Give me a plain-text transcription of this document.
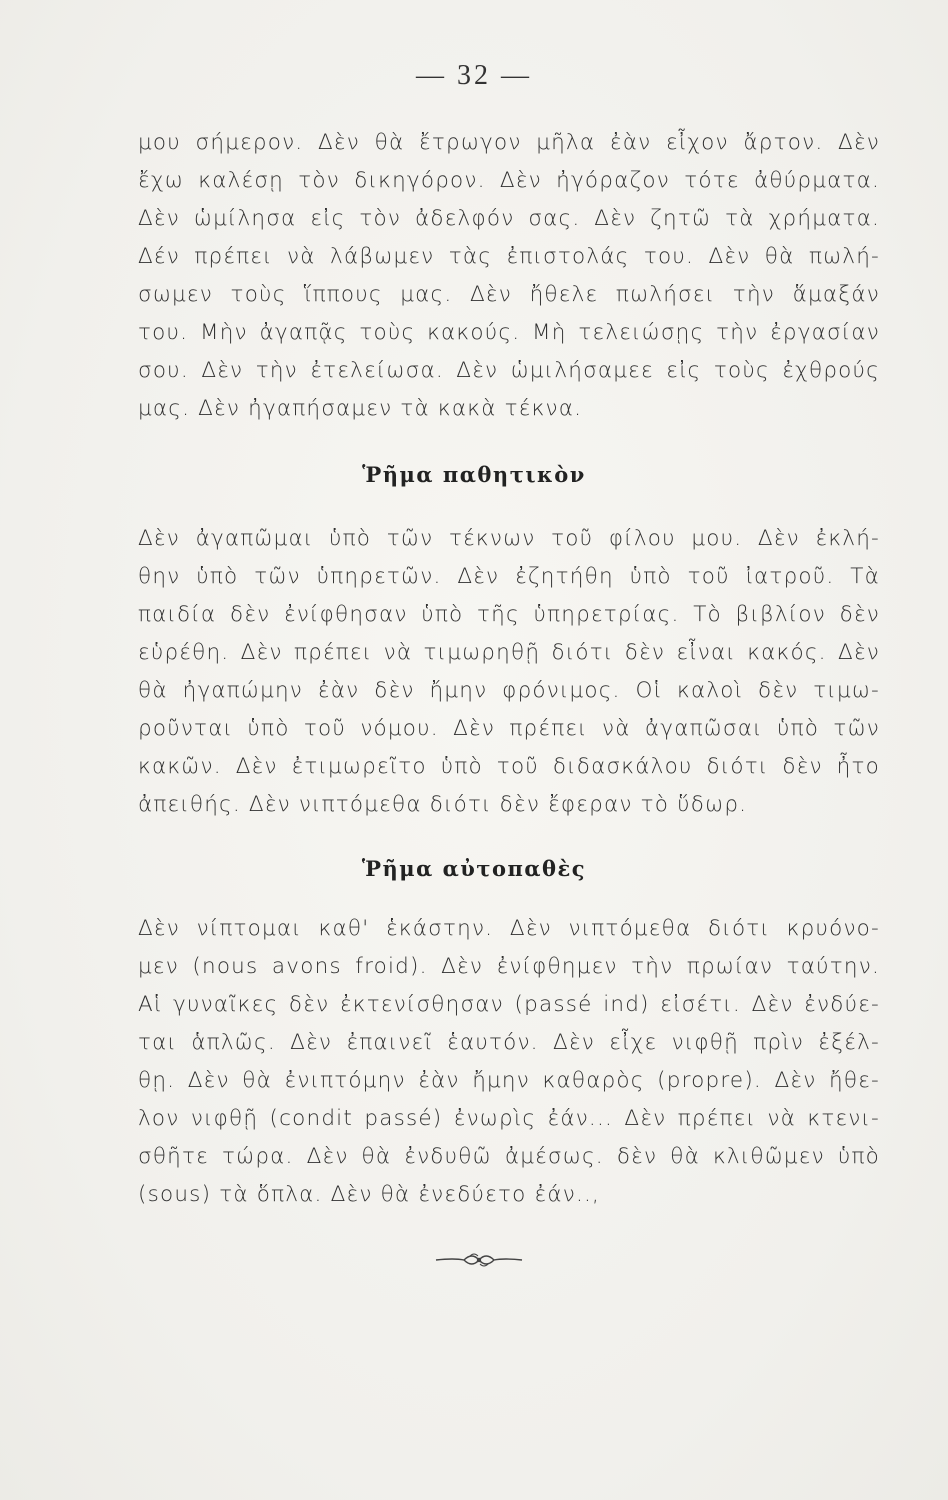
— 32 —
μου σήμερον. Δὲν θὰ ἔτρωγον μῆλα ἐὰν εἶχον ἄρτον. Δὲν
ἔχω καλέσῃ τὸν δικηγόρον. Δὲν ἠγόραζον τότε ἀθύρματα.
Δὲν ὡμίλησα εἰς τὸν ἀδελφόν σας. Δὲν ζητῶ τὰ χρήματα.
Δέν πρέπει νὰ λάβωμεν τὰς ἐπιστολάς του. Δὲν θὰ πωλή-
σωμεν τοὺς ἵππους μας. Δὲν ἤθελε πωλήσει τὴν ἅμαξάν
του. Μὴν ἀγαπᾷς τοὺς κακούς. Μὴ τελειώσῃς τὴν ἐργασίαν
σου. Δὲν τὴν ἐτελείωσα. Δὲν ὡμιλήσαμεε εἰς τοὺς ἐχθρούς
μας. Δὲν ἠγαπήσαμεν τὰ κακὰ τέκνα.
Ῥῆμα παθητικὸν
Δὲν ἀγαπῶμαι ὑπὸ τῶν τέκνων τοῦ φίλου μου. Δὲν ἐκλή-
θην ὑπὸ τῶν ὑπηρετῶν. Δὲν ἐζητήθη ὑπὸ τοῦ ἰατροῦ. Τὰ
παιδία δὲν ἐνίφθησαν ὑπὸ τῆς ὑπηρετρίας. Τὸ βιβλίον δὲν
εὑρέθη. Δὲν πρέπει νὰ τιμωρηθῇ διότι δὲν εἶναι κακός. Δὲν
θὰ ἠγαπώμην ἐὰν δὲν ἤμην φρόνιμος. Οἱ καλοὶ δὲν τιμω-
ροῦνται ὑπὸ τοῦ νόμου. Δὲν πρέπει νὰ ἀγαπῶσαι ὑπὸ τῶν
κακῶν. Δὲν ἐτιμωρεῖτο ὑπὸ τοῦ διδασκάλου διότι δὲν ἦτο
ἀπειθής. Δὲν νιπτόμεθα διότι δὲν ἔφεραν τὸ ὕδωρ.
Ῥῆμα αὐτοπαθὲς
Δὲν νίπτομαι καθ' ἑκάστην. Δὲν νιπτόμεθα διότι κρυόνο-
μεν (nous avons froid). Δὲν ἐνίφθημεν τὴν πρωίαν ταύτην.
Αἱ γυναῖκες δὲν ἐκτενίσθησαν (passé ind) εἰσέτι. Δὲν ἐνδύε-
ται ἁπλῶς. Δὲν ἐπαινεῖ ἑαυτόν. Δὲν εἶχε νιφθῇ πρὶν ἐξέλ-
θῃ. Δὲν θὰ ἐνιπτόμην ἐὰν ἤμην καθαρὸς (propre). Δὲν ἤθε-
λον νιφθῇ (condit passé) ἐνωρὶς ἐάν... Δὲν πρέπει νὰ κτενι-
σθῆτε τώρα. Δὲν θὰ ἐνδυθῶ ἀμέσως. δὲν θὰ κλιθῶμεν ὑπὸ
(sous) τὰ ὅπλα. Δὲν θὰ ἐνεδύετο ἐάν..,
